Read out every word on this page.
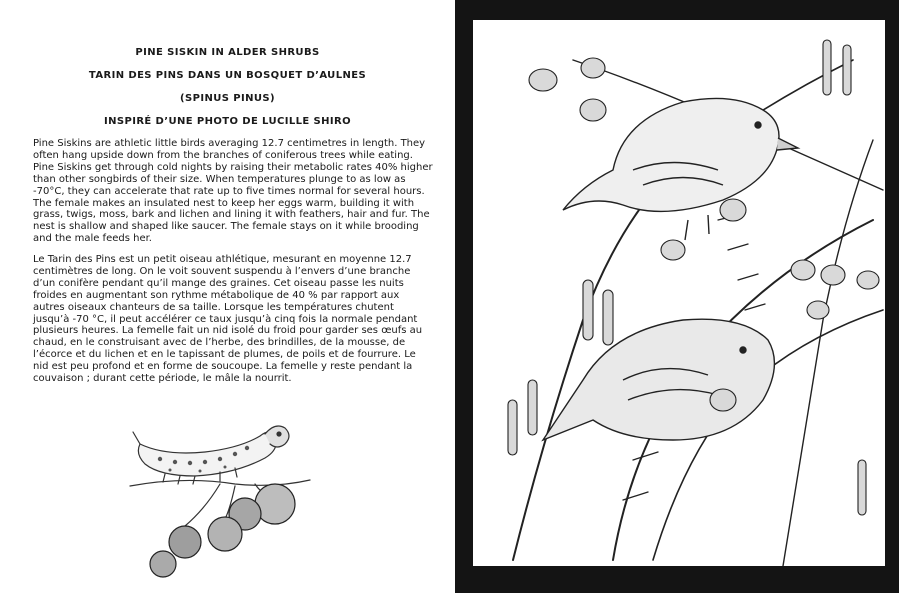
PINE SISKIN IN ALDER SHRUBS
TARIN DES PINS DANS UN BOSQUET D’AULNES
(SPINUS PINUS)
INSPIRÉ D’UNE PHOTO DE LUCILLE SHIRO

Pine Siskins are athletic little birds averaging 12.7 centimetres in length. They often hang upside down from the branches of coniferous trees while eating. Pine Siskins get through cold nights by raising their metabolic rates 40% higher than other songbirds of their size. When temperatures plunge to as low as -70°C, they can accelerate that rate up to five times normal for several hours. The female makes an insulated nest to keep her eggs warm, building it with grass, twigs, moss, bark and lichen and lining it with feathers, hair and fur. The nest is shallow and shaped like saucer. The female stays on it while brooding and the male feeds her.

Le Tarin des Pins est un petit oiseau athlétique, mesurant en moyenne 12.7 centimètres de long. On le voit souvent suspendu à l’envers d’une branche d’un conifère pendant qu’il mange des graines. Cet oiseau passe les nuits froides en augmentant son rythme métabolique de 40 % par rapport aux autres oiseaux chanteurs de sa taille. Lorsque les températures chutent jusqu’à -70 °C, il peut accélérer ce taux jusqu’à cinq fois la normale pendant plusieurs heures. La femelle fait un nid isolé du froid pour garder ses œufs au chaud, en le construisant avec de l’herbe, des brindilles, de la mousse, de l’écorce et du lichen et en le tapissant de plumes, de poils et de fourrure. Le nid est peu profond et en forme de soucoupe. La femelle y reste pendant la couvaison ; durant cette période, le mâle la nourrit.
